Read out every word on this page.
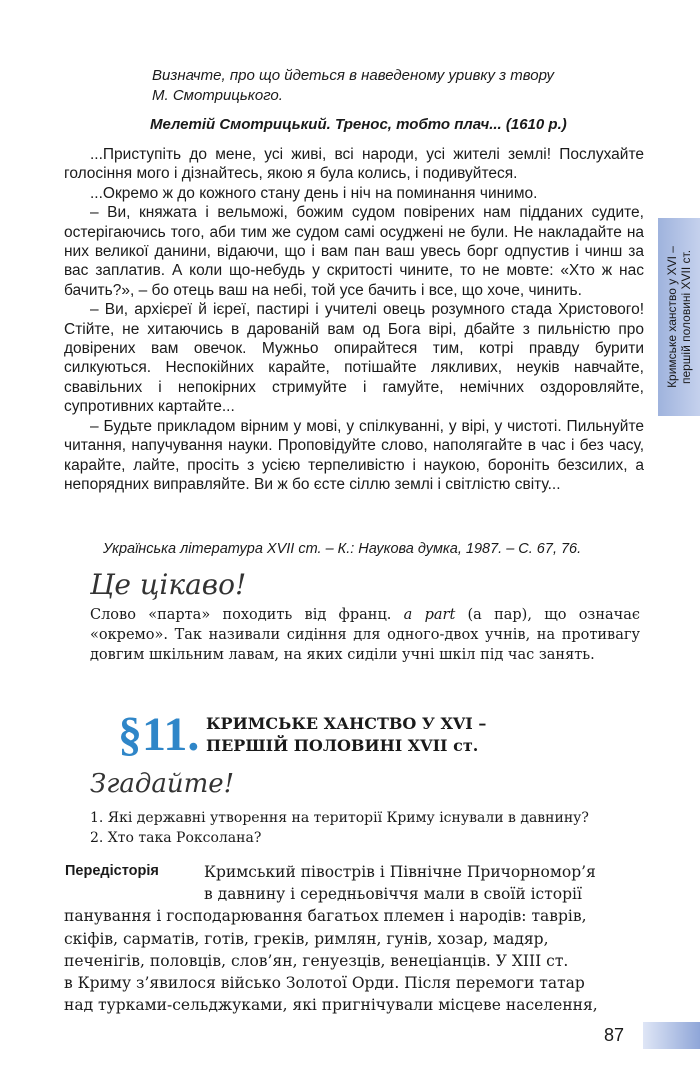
Кримське ханство у XVI – першій половині XVII ст.
Визначте, про що йдеться в наведеному уривку з твору
М. Смотрицького.
Мелетій Смотрицький. Тренос, тобто плач... (1610 р.)

...Приступіть до мене, усі живі, всі народи, усі жителі землі! Послухайте голосіння мого і дізнайтесь, якою я була колись, і подивуйтеся.

...Окремо ж до кожного стану день і ніч на поминання чинимо.

– Ви, княжата і вельможі, божим судом повірених нам підданих судите, остерігаючись того, аби тим же судом самі осуджені не були. Не накладайте на них великої данини, відаючи, що і вам пан ваш увесь борг одпустив і чинш за вас заплатив. А коли що-небудь у скритості чините, то не мовте: «Хто ж нас бачить?», – бо отець ваш на небі, той усе бачить і все, що хоче, чинить.

– Ви, архієреї й ієреї, пастирі і учителі овець розумного стада Христового! Стійте, не хитаючись в дарованій вам од Бога вірі, дбайте з пильністю про довірених вам овечок. Мужньо опирайтеся тим, котрі правду бурити силкуються. Неспокійних карайте, потішайте лякливих, неуків навчайте, свавільних і непокірних стримуйте і гамуйте, немічних оздоровляйте, супротивних картайте...

– Будьте прикладом вірним у мові, у спілкуванні, у вірі, у чистоті. Пильнуйте читання, напучування науки. Проповідуйте слово, наполягайте в час і без часу, карайте, лайте, просіть з усією терпеливістю і наукою, бороніть безсилих, а непорядних виправляйте. Ви ж бо єсте сіллю землі і світлістю світу...

Українська література XVII ст. – К.: Наукова думка, 1987. – С. 67, 76.
Це цікаво!
Слово «парта» походить від франц. a part (а пар), що означає «окремо». Так називали сидіння для одного-двох учнів, на противагу довгим шкільним лавам, на яких сиділи учні шкіл під час занять.
§11. КРИМСЬКЕ ХАНСТВО У XVI –
ПЕРШІЙ ПОЛОВИНІ XVII ст.
Згадайте!
1. Які державні утворення на території Криму існували в давнину?
2. Хто така Роксолана?
Передісторія	Кримський півострів і Північне Причорномор’я
в давнину і середньовіччя мали в своїй історії
панування і господарювання багатьох племен і народів: таврів,
скіфів, сарматів, готів, греків, римлян, гунів, хозар, мадяр,
печенігів, половців, слов’ян, генуезців, венеціанців. У XIII ст.
в Криму з’явилося військо Золотої Орди. Після перемоги татар
над турками-сельджуками, які пригнічували місцеве населення,
87
